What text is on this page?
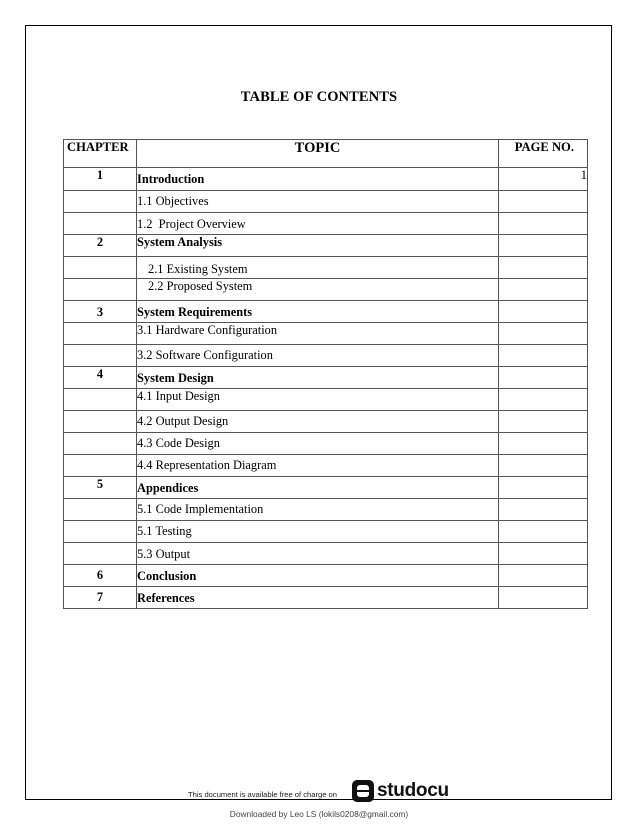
TABLE OF CONTENTS
CHAPTER	TOPIC	PAGE NO.
1	Introduction	1
	1.1 Objectives	
	1.2  Project Overview	
2	System Analysis	
	2.1 Existing System	
	2.2 Proposed System	
3	System Requirements	
	3.1 Hardware Configuration	
	3.2 Software Configuration	
4	System Design	
	4.1 Input Design	
	4.2 Output Design	
	4.3 Code Design	
	4.4 Representation Diagram	
5	Appendices	
	5.1 Code Implementation	
	5.1 Testing	
	5.3 Output	
6	Conclusion	
7	References	
This document is available free of charge on studocu
Downloaded by Leo LS (lokils0208@gmail.com)
